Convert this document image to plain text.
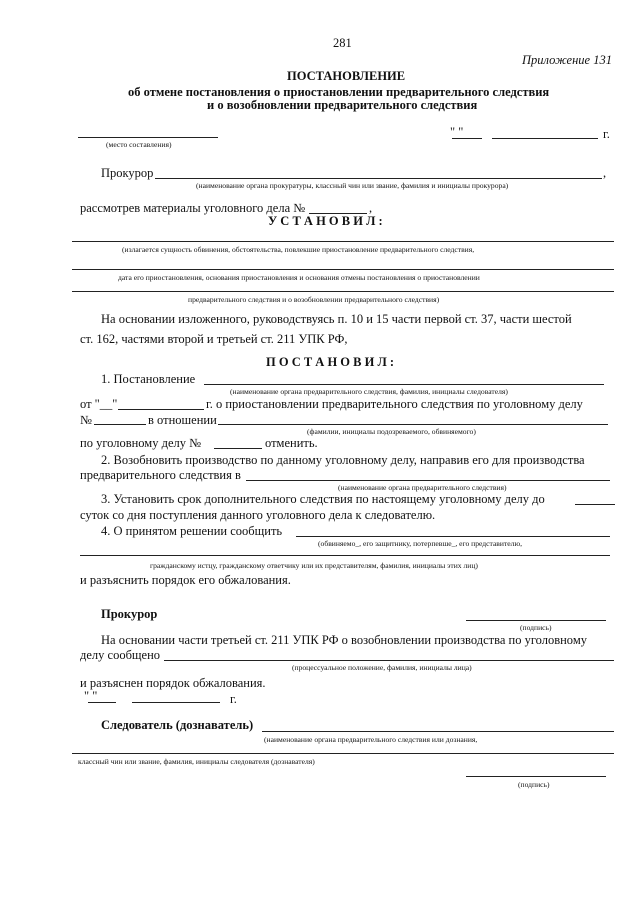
281
Приложение 131
ПОСТАНОВЛЕНИЕ
об отмене постановления о приостановлении предварительного следствия
и о возобновлении предварительного следствия
(место составления)
" "	г.
Прокурор	,
(наименование органа прокуратуры, классный чин или звание, фамилия и инициалы прокурора)
рассмотрев материалы уголовного дела №	,
У С Т А Н О В И Л :
(излагается сущность обвинения, обстоятельства, повлекшие приостановление предварительного следствия,
дата его приостановления, основания приостановления и основания отмены постановления о приостановлении
предварительного следствия и о возобновлении предварительного следствия)
На основании изложенного, руководствуясь п. 10 и 15 части первой ст. 37, части шестой
ст. 162, частями второй и третьей ст. 211 УПК РФ,
П О С Т А Н О В И Л :
1. Постановление
(наименование органа предварительного следствия, фамилия, инициалы следователя)
от "__"	г. о приостановлении предварительного следствия по уголовному делу
№	в отношении
(фамилии, инициалы подозреваемого, обвиняемого)
по уголовному делу №	отменить.
2. Возобновить производство по данному уголовному делу, направив его для производства
предварительного следствия в
(наименование органа предварительного следствия)
3. Установить срок дополнительного следствия по настоящему уголовному делу до
суток со дня поступления данного уголовного дела к следователю.
4. О принятом решении сообщить
(обвиняемо_, его защитнику, потерпевше_, его представителю,
гражданскому истцу, гражданскому ответчику или их представителям, фамилия, инициалы этих лиц)
и разъяснить порядок его обжалования.
Прокурор
(подпись)
На основании части третьей ст. 211 УПК РФ о возобновлении производства по уголовному
делу сообщено
(процессуальное положение, фамилия, инициалы лица)
и разъяснен порядок обжалования.
" "	г.
Следователь (дознаватель)
(наименование органа предварительного следствия или дознания,
классный чин или звание, фамилия, инициалы следователя (дознавателя)
(подпись)
